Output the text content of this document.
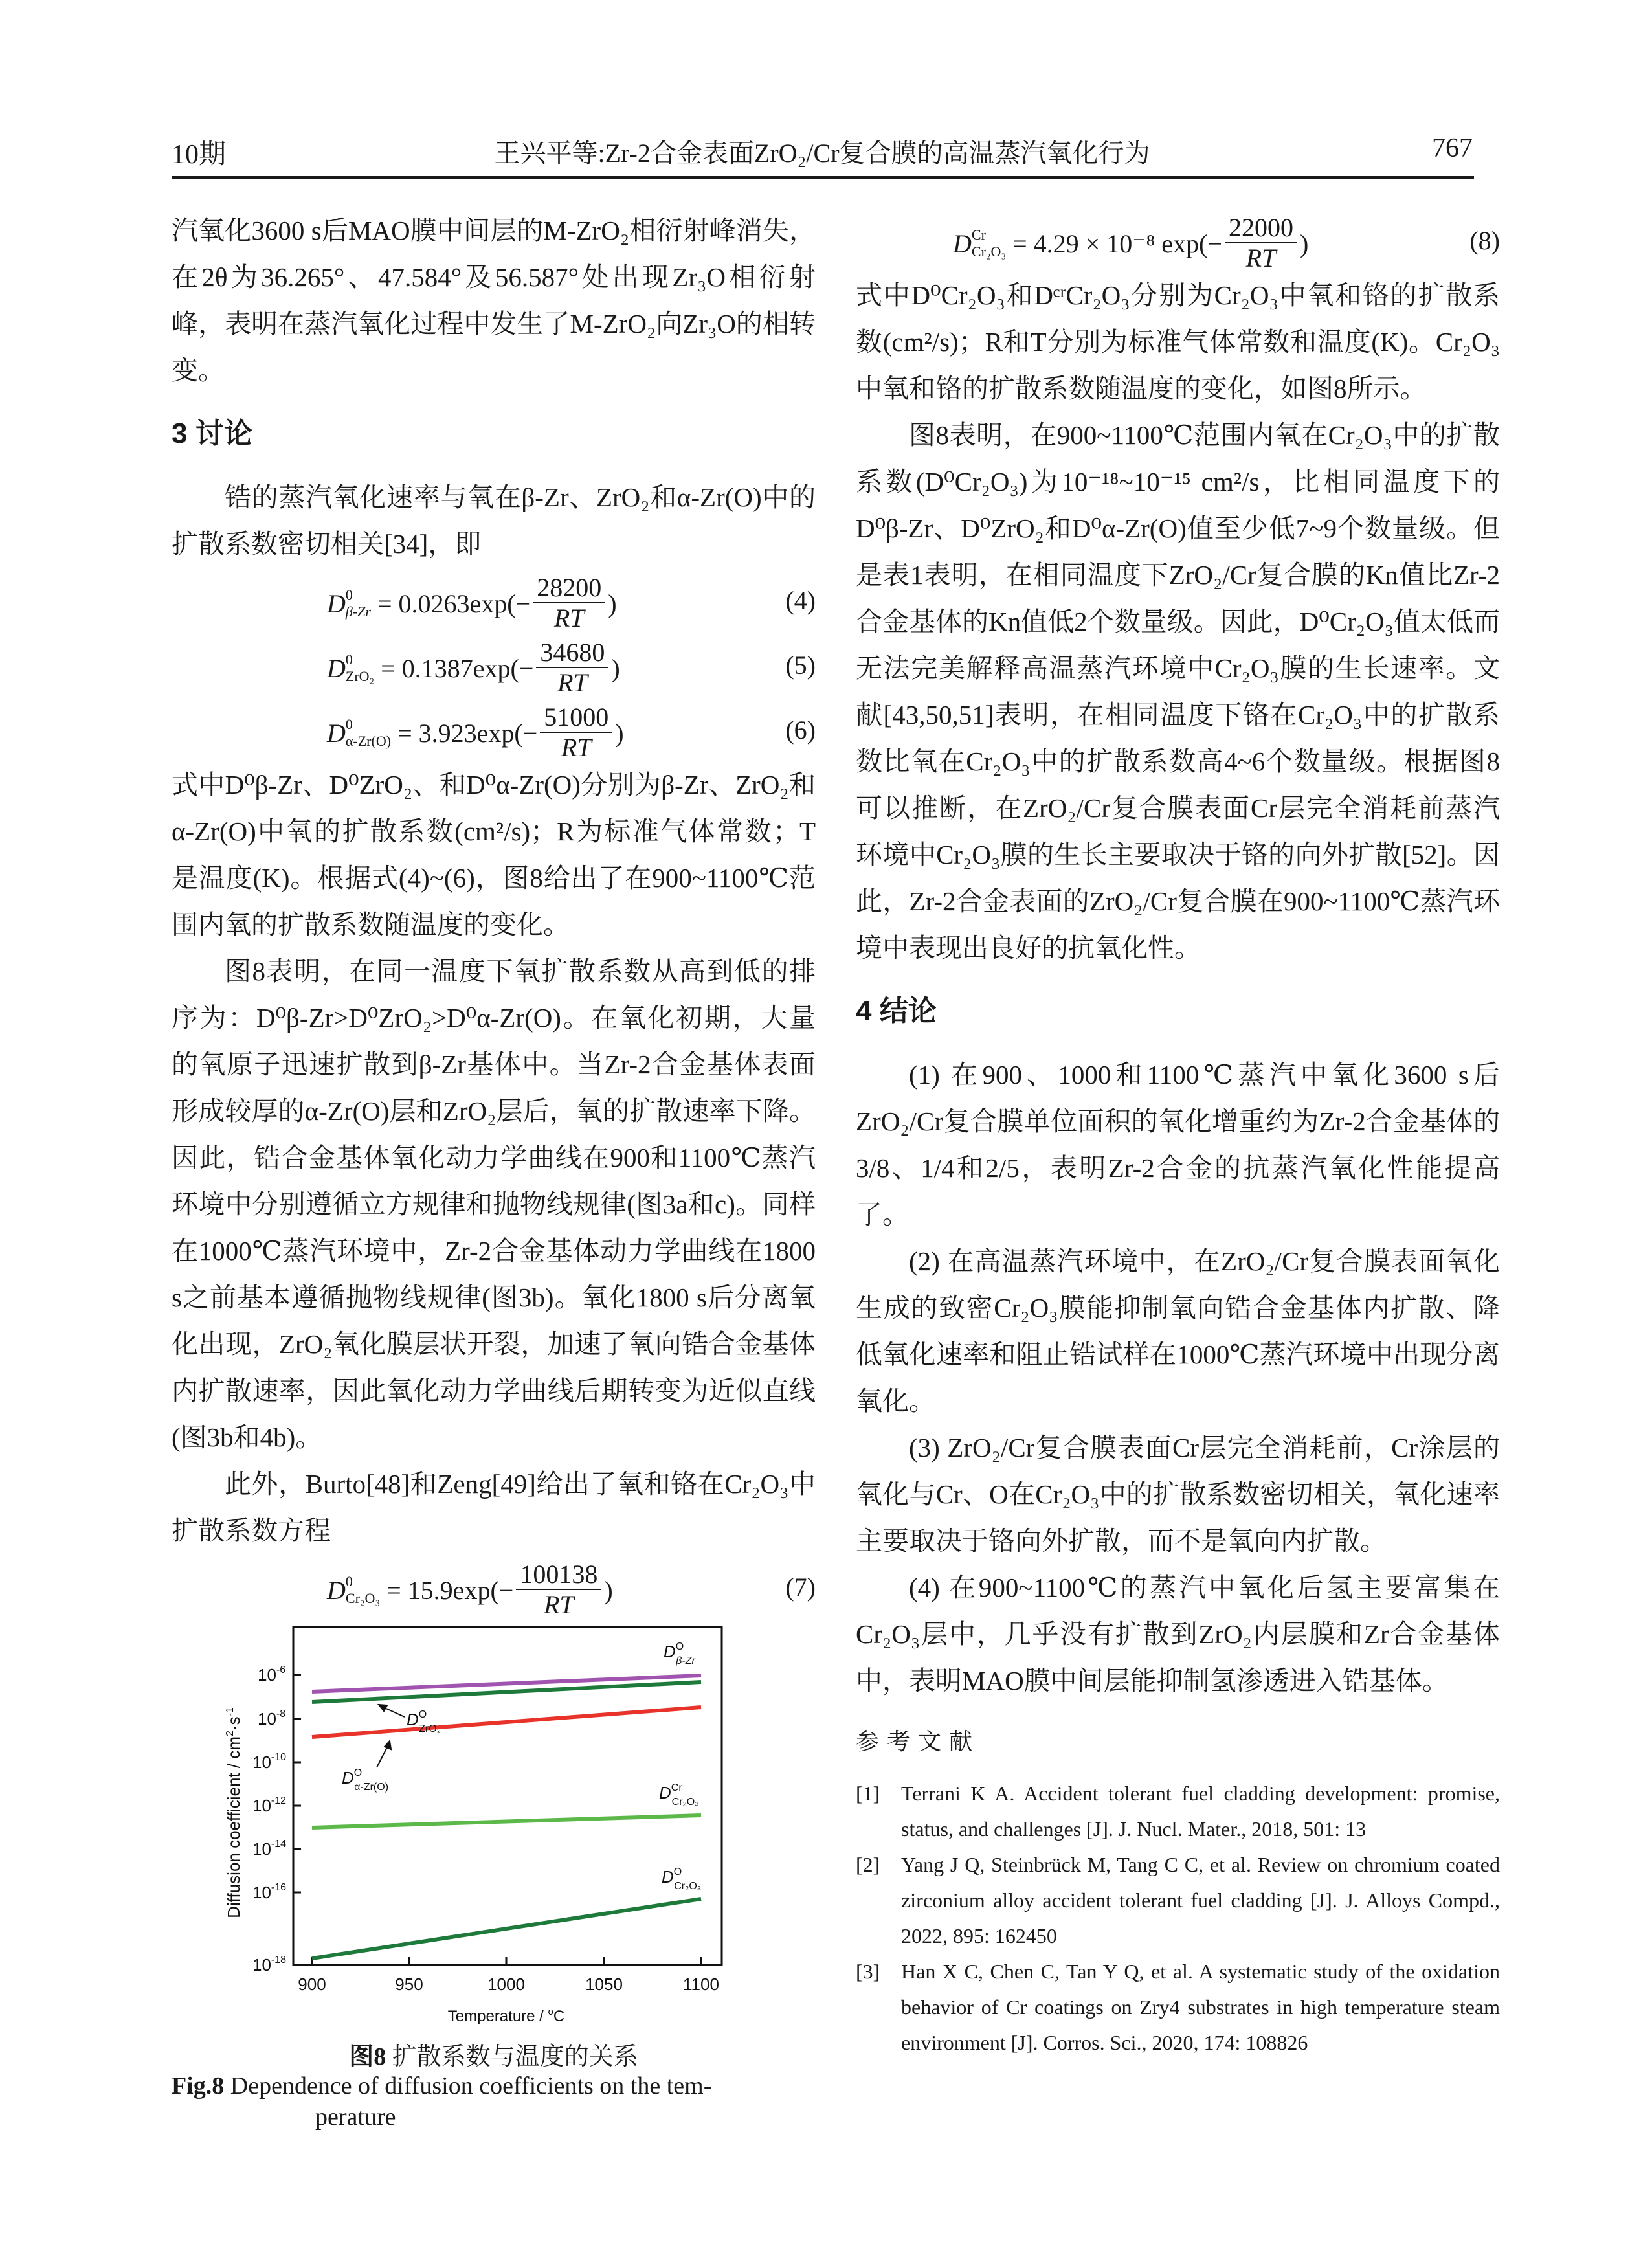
10期	王兴平等:Zr-2合金表面ZrO₂/Cr复合膜的高温蒸汽氧化行为	767

汽氧化3600 s后MAO膜中间层的M-ZrO₂相衍射峰消失，在2θ为36.265°、47.584°及56.587°处出现Zr₃O相衍射峰，表明在蒸汽氧化过程中发生了M-ZrO₂向Zr₃O的相转变。

3 讨论

锆的蒸汽氧化速率与氧在β-Zr、ZrO₂和α-Zr(O)中的扩散系数密切相关[34]，即

D 0
$\beta-Zr = 0.0263\exp(- \frac{28200}{RT}$ )	(4)
D 0
$ZrO_2 = 0.1387\exp(- \frac{34680}{RT}$ )	(5)
D 0
$\alpha-Zr(O) = 3.923\exp(- \frac{51000}{RT}$ )	(6)

式中D⁰β-Zr、D⁰ZrO₂、和D⁰α-Zr(O)分别为β-Zr、ZrO₂和α-Zr(O)中氧的扩散系数(cm²/s)；R为标准气体常数；T是温度(K)。根据式(4)~(6)，图8给出了在900~1100℃范围内氧的扩散系数随温度的变化。

图8表明，在同一温度下氧扩散系数从高到低的排序为：D⁰β-Zr>D⁰ZrO₂>D⁰α-Zr(O)。在氧化初期，大量的氧原子迅速扩散到β-Zr基体中。当Zr-2合金基体表面形成较厚的α-Zr(O)层和ZrO₂层后，氧的扩散速率下降。因此，锆合金基体氧化动力学曲线在900和1100℃蒸汽环境中分别遵循立方规律和抛物线规律(图3a和c)。同样在1000℃蒸汽环境中，Zr-2合金基体动力学曲线在1800 s之前基本遵循抛物线规律(图3b)。氧化1800 s后分离氧化出现，ZrO₂氧化膜层状开裂，加速了氧向锆合金基体内扩散速率，因此氧化动力学曲线后期转变为近似直线(图3b和4b)。

此外，Burto[48]和Zeng[49]给出了氧和铬在Cr₂O₃中扩散系数方程

D 0
$Cr_2O_3 = 15.9\exp(- \frac{100138}{RT}$ )	(7)
$10^{-6}$
$10^{-8}$
$10^{-10}$
$10^{-12}$
$10^{-14}$
$10^{-16}$
$10^{-18}$
900	950	1000	1050	1100
Temperature / $^o$C
Diffusion coefficient / $cm^2\cdot s^{-1}$
$D^O$ β-Zr
$D^O$ ZrO₂
$D^O$ α-Zr(O)	$D^{Cr}$ Cr₂O₃
$D^O$ Cr₂O₃
图8 扩散系数与温度的关系
Fig.8 Dependence of diffusion coefficients on the tem-
perature
D Cr
Cr₂O₃ = 4.29 × 10⁻⁸ $\exp(- \frac{22000}{RT}$ )	(8)

式中D⁰Cr₂O₃和DᶜʳCr₂O₃分别为Cr₂O₃中氧和铬的扩散系数(cm²/s)；R和T分别为标准气体常数和温度(K)。Cr₂O₃中氧和铬的扩散系数随温度的变化，如图8所示。

图8表明，在900~1100℃范围内氧在Cr₂O₃中的扩散系数(D⁰Cr₂O₃)为10⁻¹⁸~10⁻¹⁵ cm²/s，比相同温度下的D⁰β-Zr、D⁰ZrO₂和D⁰α-Zr(O)值至少低7~9个数量级。但是表1表明，在相同温度下ZrO₂/Cr复合膜的Kn值比Zr-2合金基体的Kn值低2个数量级。因此，D⁰Cr₂O₃值太低而无法完美解释高温蒸汽环境中Cr₂O₃膜的生长速率。文献[43,50,51]表明，在相同温度下铬在Cr₂O₃中的扩散系数比氧在Cr₂O₃中的扩散系数高4~6个数量级。根据图8可以推断，在ZrO₂/Cr复合膜表面Cr层完全消耗前蒸汽环境中Cr₂O₃膜的生长主要取决于铬的向外扩散[52]。因此，Zr-2合金表面的ZrO₂/Cr复合膜在900~1100℃蒸汽环境中表现出良好的抗氧化性。

4 结论

(1) 在900、1000和1100℃蒸汽中氧化3600 s后ZrO₂/Cr复合膜单位面积的氧化增重约为Zr-2合金基体的3/8、1/4和2/5，表明Zr-2合金的抗蒸汽氧化性能提高了。

(2) 在高温蒸汽环境中，在ZrO₂/Cr复合膜表面氧化生成的致密Cr₂O₃膜能抑制氧向锆合金基体内扩散、降低氧化速率和阻止锆试样在1000℃蒸汽环境中出现分离氧化。

(3) ZrO₂/Cr复合膜表面Cr层完全消耗前，Cr涂层的氧化与Cr、O在Cr₂O₃中的扩散系数密切相关，氧化速率主要取决于铬向外扩散，而不是氧向内扩散。

(4) 在900~1100℃的蒸汽中氧化后氢主要富集在Cr₂O₃层中，几乎没有扩散到ZrO₂内层膜和Zr合金基体中，表明MAO膜中间层能抑制氢渗透进入锆基体。

参考文献
[1]	Terrani K A. Accident tolerant fuel cladding development: promise, status, and challenges [J]. J. Nucl. Mater., 2018, 501: 13
[2]	Yang J Q, Steinbrück M, Tang C C, et al. Review on chromium coated zirconium alloy accident tolerant fuel cladding [J]. J. Alloys Compd., 2022, 895: 162450
[3]	Han X C, Chen C, Tan Y Q, et al. A systematic study of the oxidation behavior of Cr coatings on Zry4 substrates in high temperature steam environment [J]. Corros. Sci., 2020, 174: 108826
